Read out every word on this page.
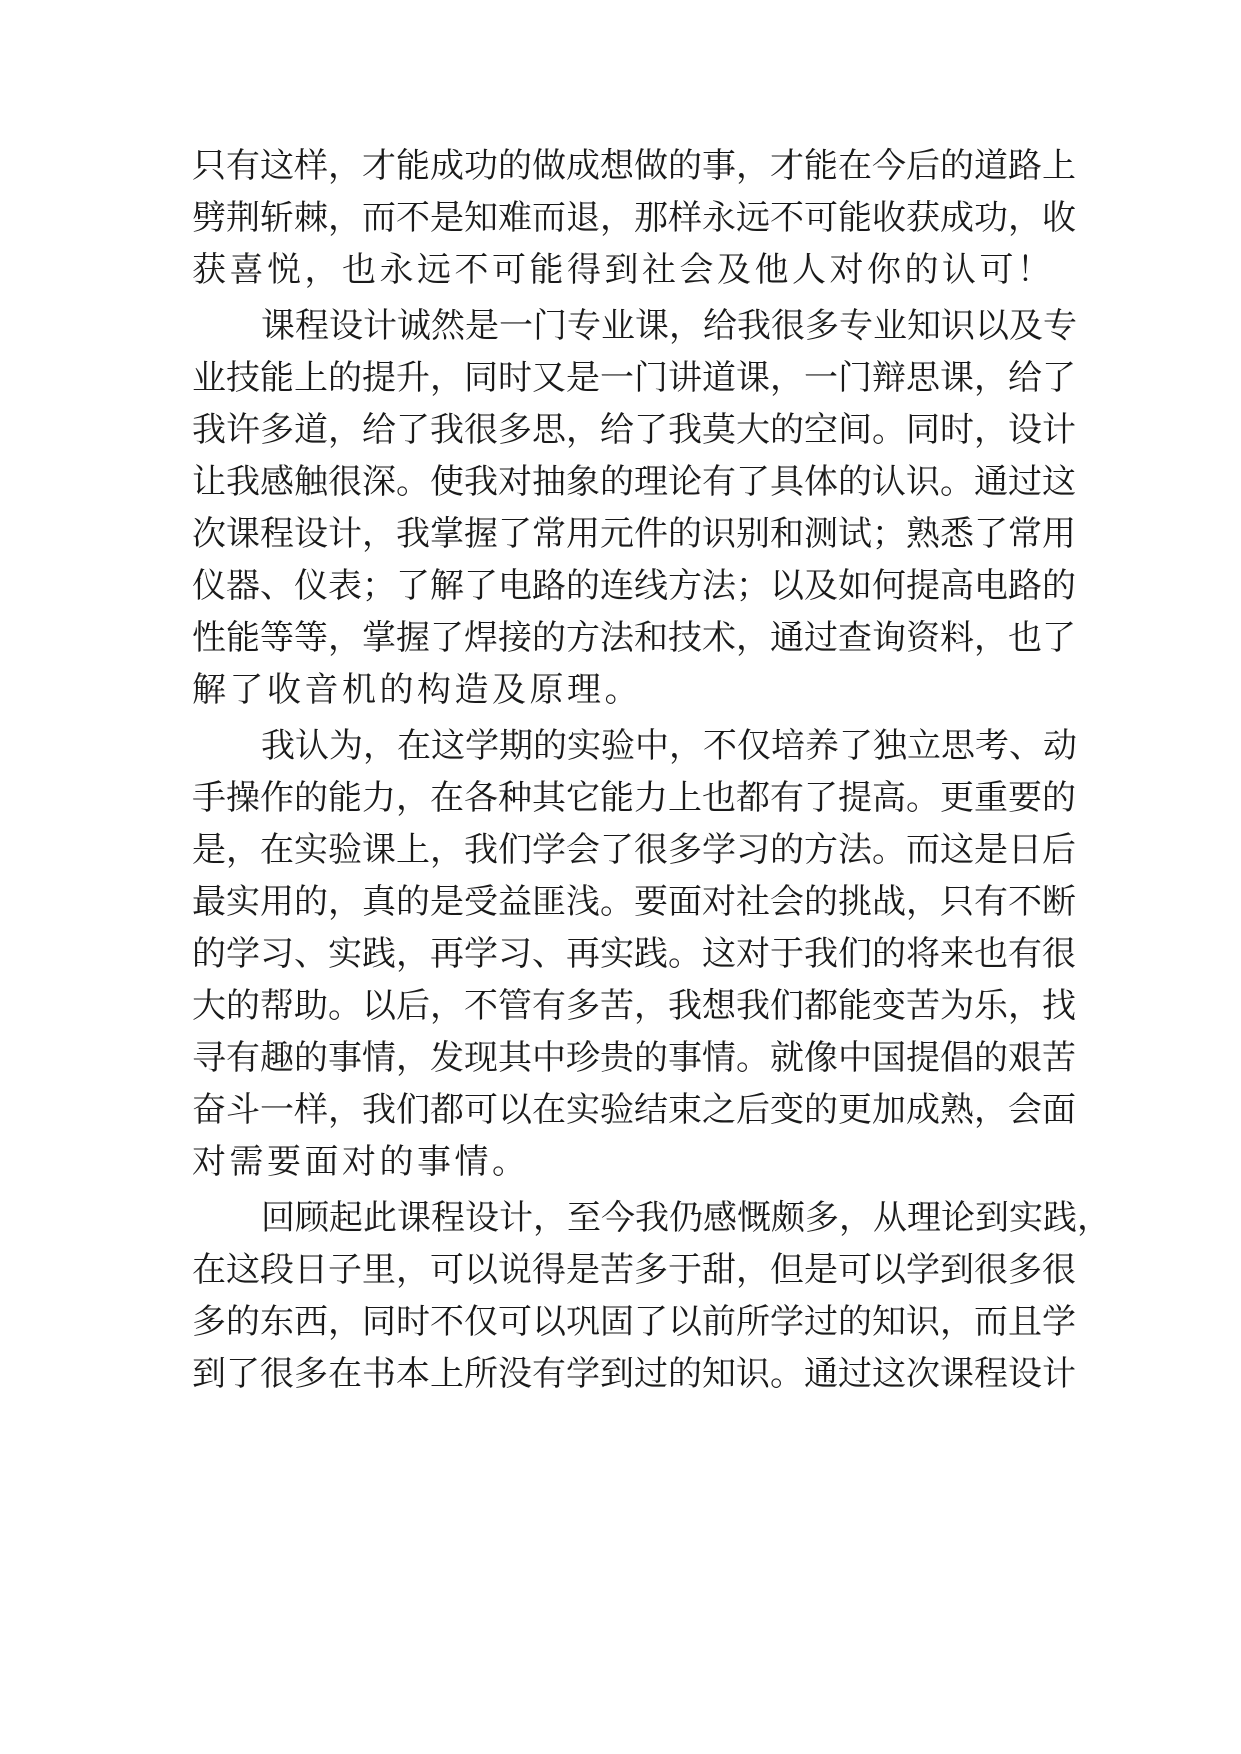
只有这样，才能成功的做成想做的事，才能在今后的道路上
劈荆斩棘，而不是知难而退，那样永远不可能收获成功，收
获喜悦，也永远不可能得到社会及他人对你的认可！
课程设计诚然是一门专业课，给我很多专业知识以及专
业技能上的提升，同时又是一门讲道课，一门辩思课，给了
我许多道，给了我很多思，给了我莫大的空间。同时，设计
让我感触很深。使我对抽象的理论有了具体的认识。通过这
次课程设计，我掌握了常用元件的识别和测试；熟悉了常用
仪器、仪表；了解了电路的连线方法；以及如何提高电路的
性能等等，掌握了焊接的方法和技术，通过查询资料，也了
解了收音机的构造及原理。
我认为，在这学期的实验中，不仅培养了独立思考、动
手操作的能力，在各种其它能力上也都有了提高。更重要的
是，在实验课上，我们学会了很多学习的方法。而这是日后
最实用的，真的是受益匪浅。要面对社会的挑战，只有不断
的学习、实践，再学习、再实践。这对于我们的将来也有很
大的帮助。以后，不管有多苦，我想我们都能变苦为乐，找
寻有趣的事情，发现其中珍贵的事情。就像中国提倡的艰苦
奋斗一样，我们都可以在实验结束之后变的更加成熟，会面
对需要面对的事情。
回顾起此课程设计，至今我仍感慨颇多，从理论到实践，
在这段日子里，可以说得是苦多于甜，但是可以学到很多很
多的东西，同时不仅可以巩固了以前所学过的知识，而且学
到了很多在书本上所没有学到过的知识。通过这次课程设计
